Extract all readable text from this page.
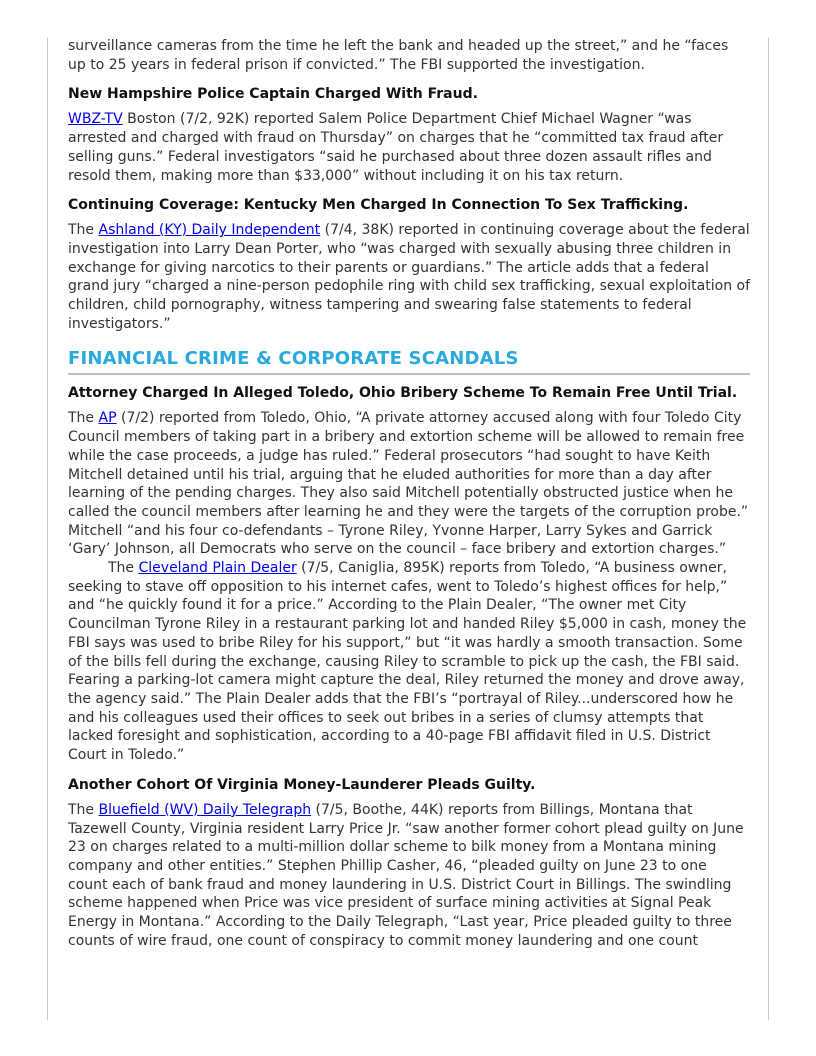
surveillance cameras from the time he left the bank and headed up the street,” and he “faces up to 25 years in federal prison if convicted.” The FBI supported the investigation.

New Hampshire Police Captain Charged With Fraud.

WBZ-TV Boston (7/2, 92K) reported Salem Police Department Chief Michael Wagner “was arrested and charged with fraud on Thursday” on charges that he “committed tax fraud after selling guns.” Federal investigators “said he purchased about three dozen assault rifles and resold them, making more than $33,000” without including it on his tax return.

Continuing Coverage: Kentucky Men Charged In Connection To Sex Trafficking.

The Ashland (KY) Daily Independent (7/4, 38K) reported in continuing coverage about the federal investigation into Larry Dean Porter, who “was charged with sexually abusing three children in exchange for giving narcotics to their parents or guardians.” The article adds that a federal grand jury “charged a nine-person pedophile ring with child sex trafficking, sexual exploitation of children, child pornography, witness tampering and swearing false statements to federal investigators.”

FINANCIAL CRIME & CORPORATE SCANDALS
Attorney Charged In Alleged Toledo, Ohio Bribery Scheme To Remain Free Until Trial.

The AP (7/2) reported from Toledo, Ohio, “A private attorney accused along with four Toledo City Council members of taking part in a bribery and extortion scheme will be allowed to remain free while the case proceeds, a judge has ruled.” Federal prosecutors “had sought to have Keith Mitchell detained until his trial, arguing that he eluded authorities for more than a day after learning of the pending charges. They also said Mitchell potentially obstructed justice when he called the council members after learning he and they were the targets of the corruption probe.” Mitchell “and his four co-defendants – Tyrone Riley, Yvonne Harper, Larry Sykes and Garrick ‘Gary’ Johnson, all Democrats who serve on the council – face bribery and extortion charges.”

The Cleveland Plain Dealer (7/5, Caniglia, 895K) reports from Toledo, “A business owner, seeking to stave off opposition to his internet cafes, went to Toledo’s highest offices for help,” and “he quickly found it for a price.” According to the Plain Dealer, “The owner met City Councilman Tyrone Riley in a restaurant parking lot and handed Riley $5,000 in cash, money the FBI says was used to bribe Riley for his support,” but “it was hardly a smooth transaction. Some of the bills fell during the exchange, causing Riley to scramble to pick up the cash, the FBI said. Fearing a parking-lot camera might capture the deal, Riley returned the money and drove away, the agency said.” The Plain Dealer adds that the FBI’s “portrayal of Riley...underscored how he and his colleagues used their offices to seek out bribes in a series of clumsy attempts that lacked foresight and sophistication, according to a 40-page FBI affidavit filed in U.S. District Court in Toledo.”

Another Cohort Of Virginia Money-Launderer Pleads Guilty.

The Bluefield (WV) Daily Telegraph (7/5, Boothe, 44K) reports from Billings, Montana that Tazewell County, Virginia resident Larry Price Jr. “saw another former cohort plead guilty on June 23 on charges related to a multi-million dollar scheme to bilk money from a Montana mining company and other entities.” Stephen Phillip Casher, 46, “pleaded guilty on June 23 to one count each of bank fraud and money laundering in U.S. District Court in Billings. The swindling scheme happened when Price was vice president of surface mining activities at Signal Peak Energy in Montana.” According to the Daily Telegraph, “Last year, Price pleaded guilty to three counts of wire fraud, one count of conspiracy to commit money laundering and one count
